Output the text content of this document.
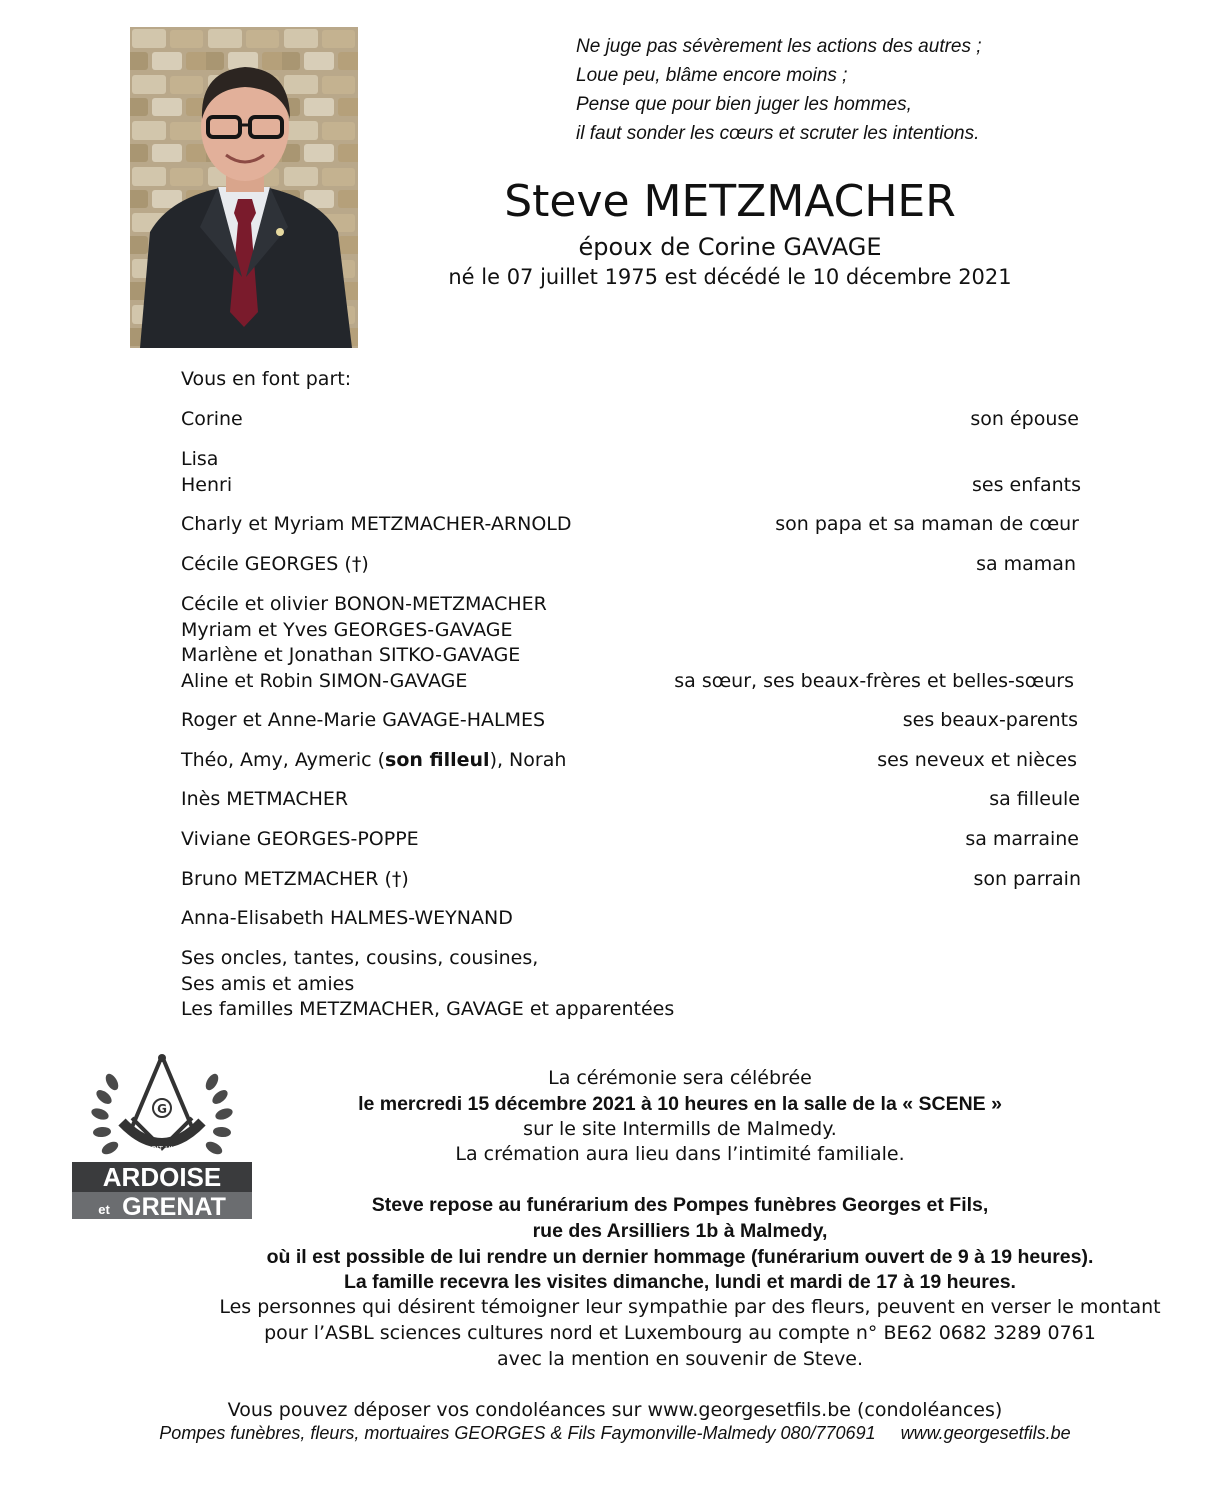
Ne juge pas sévèrement les actions des autres ;
Loue peu, blâme encore moins ;
Pense que pour bien juger les hommes,
il faut sonder les cœurs et scruter les intentions.
Steve METZMACHER
époux de Corine GAVAGE
né le 07 juillet 1975 est décédé le 10 décembre 2021
Vous en font part:
Corine	son épouse
Lisa
Henri	ses enfants
Charly et Myriam METZMACHER-ARNOLD	son papa et sa maman de cœur
Cécile GEORGES (†)	sa maman
Cécile et olivier BONON-METZMACHER
Myriam et Yves GEORGES-GAVAGE
Marlène et Jonathan SITKO-GAVAGE
Aline et Robin SIMON-GAVAGE	sa sœur, ses beaux-frères et belles-sœurs
Roger et Anne-Marie GAVAGE-HALMES	ses beaux-parents
Théo, Amy, Aymeric (son filleul), Norah	ses neveux et nièces
Inès METMACHER	sa filleule
Viviane GEORGES-POPPE	sa marraine
Bruno METZMACHER (†)	son parrain
Anna-Elisabeth HALMES-WEYNAND
Ses oncles, tantes, cousins, cousines,
Ses amis et amies
Les familles METZMACHER, GAVAGE et apparentées
LE DROIT HUMAIN
G
ARDOISE
et GRENAT
La cérémonie sera célébrée
le mercredi 15 décembre 2021 à 10 heures en la salle de la « SCENE »
sur le site Intermills de Malmedy.
La crémation aura lieu dans l’intimité familiale.
Steve repose au funérarium des Pompes funèbres Georges et Fils,
rue des Arsilliers 1b à Malmedy,
où il est possible de lui rendre un dernier hommage (funérarium ouvert de 9 à 19 heures).
La famille recevra les visites dimanche, lundi et mardi de 17 à 19 heures.
Les personnes qui désirent témoigner leur sympathie par des fleurs, peuvent en verser le montant
pour l’ASBL sciences cultures nord et Luxembourg au compte n° BE62 0682 3289 0761
avec la mention en souvenir de Steve.
Vous pouvez déposer vos condoléances sur www.georgesetfils.be (condoléances)
Pompes funèbres, fleurs, mortuaires GEORGES & Fils Faymonville-Malmedy 080/770691 www.georgesetfils.be
